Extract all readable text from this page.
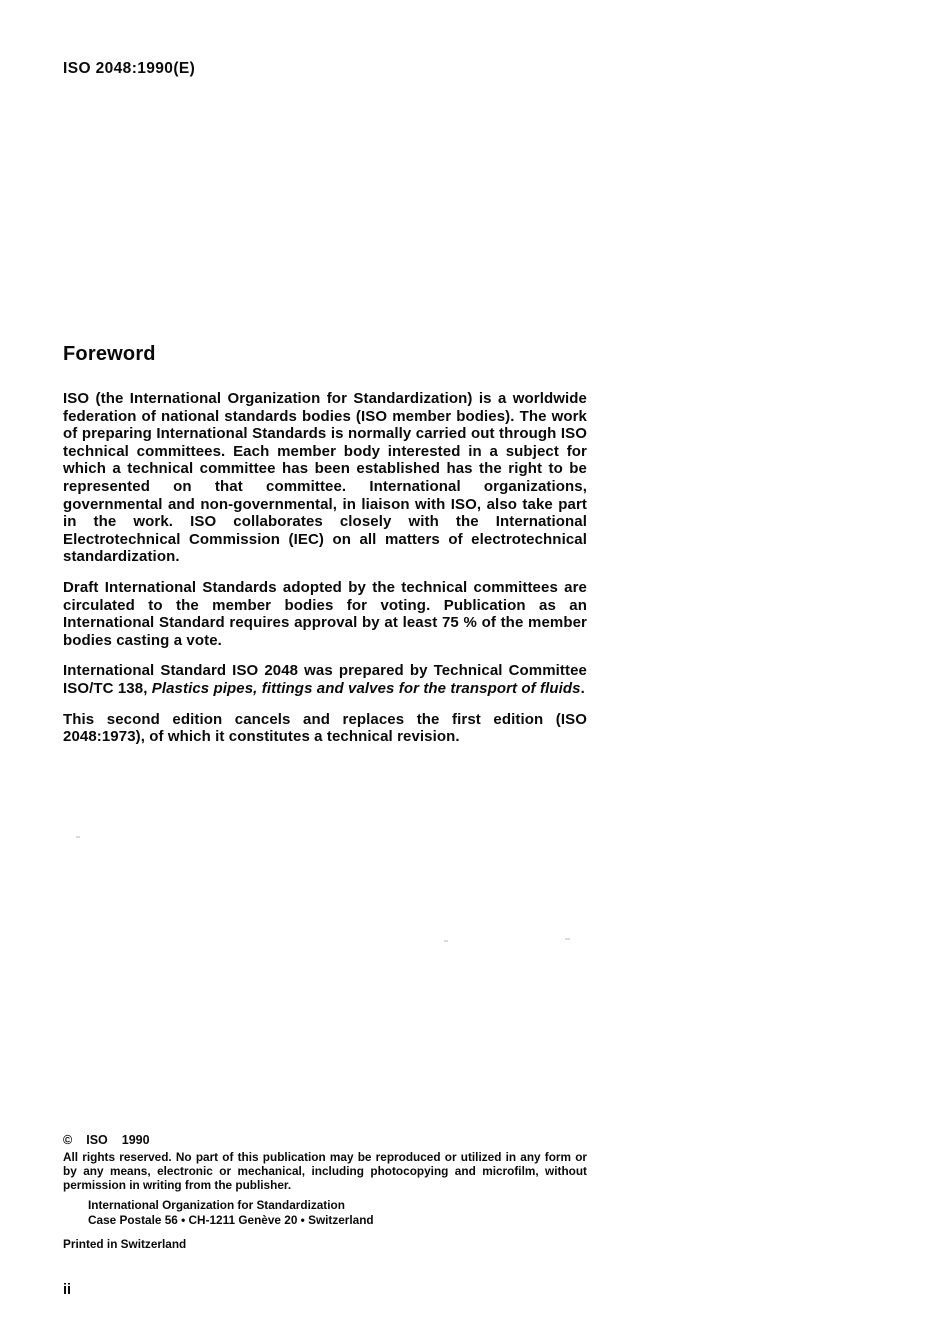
ISO 2048:1990(E)
Foreword

ISO (the International Organization for Standardization) is a worldwide federation of national standards bodies (ISO member bodies). The work of preparing International Standards is normally carried out through ISO technical committees. Each member body interested in a subject for which a technical committee has been established has the right to be represented on that committee. International organizations, governmental and non-governmental, in liaison with ISO, also take part in the work. ISO collaborates closely with the International Electrotechnical Commission (IEC) on all matters of electrotechnical standardization.

Draft International Standards adopted by the technical committees are circulated to the member bodies for voting. Publication as an International Standard requires approval by at least 75 % of the member bodies casting a vote.

International Standard ISO 2048 was prepared by Technical Committee ISO/TC 138, Plastics pipes, fittings and valves for the transport of fluids.

This second edition cancels and replaces the first edition (ISO 2048:1973), of which it constitutes a technical revision.

© ISO 1990
All rights reserved. No part of this publication may be reproduced or utilized in any form or by any means, electronic or mechanical, including photocopying and microfilm, without permission in writing from the publisher.
International Organization for Standardization
Case Postale 56 • CH-1211 Genève 20 • Switzerland
Printed in Switzerland
ii
